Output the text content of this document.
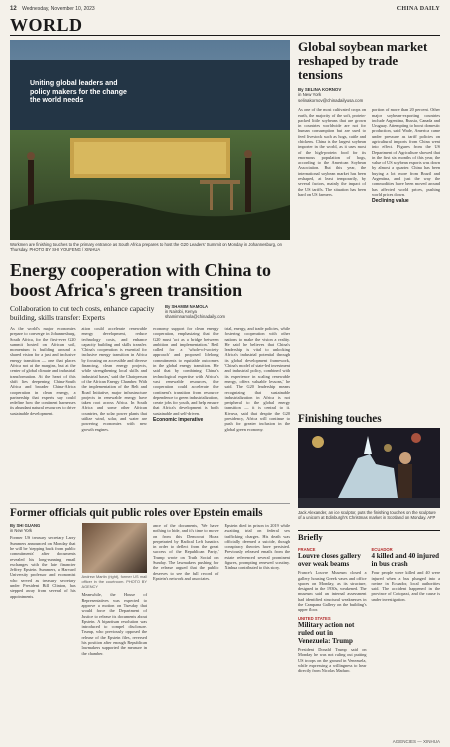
12 Wednesday, November 10, 2023	CHINA DAILY
WORLD
Uniting global leaders and policy makers for the change the world needs
Workmen are finishing touches to the primary entrance as South Africa prepares to host the G20 Leaders' Summit on Monday in Johannesburg, on Thursday. PHOTO BY SHI YOUFENG / XINHUA
Global soybean market reshaped by trade tensions
By SELINA KORNOV
in New York
selinakornov@chinadailyusa.com
As one of the most cultivated crops on earth, the majority of the soft, protein-packed little soybeans that are grown in countries worldwide are not for human consumption but are used to feed livestock such as hogs, cattle and chickens. China is the largest soybean importer in the world, as it uses most of the high-protein food for its enormous population of hogs, according to the American Soybean Association. But this year, the international soybean market has been reshaped, at least temporarily, by several factors, mainly the impact of the US tariffs. The situation has been hard on US farmers.
portion of more than 20 percent. Other major soybean-exporting countries include Argentina, Russia, Canada and Uruguay. Attempting to boost domestic production, said Wade, America came under pressure as tariff policies on agricultural imports from China went into effect. Figures from the US Department of Agriculture showed that in the first six months of this year, the value of US soybean exports was down by almost a quarter. China has been buying a lot more from Brazil and Argentina, and just the way the commodities have been moved around has affected world prices, pushing world prices down.
Declining value
Energy cooperation with China to boost Africa's green transition
Collaboration to cut tech costs, enhance capacity building, skills transfer: Experts
By SHAMIM NAMOLA
in Nairobi, Kenya
shamimnamola@chinadaily.com
As the world's major economies prepare to converge in Johannesburg, South Africa, for the first-ever G20 summit hosted on African soil, momentum is building around a shared vision for a just and inclusive energy transition — one that places Africa not at the margins, but at the center of global climate and industrial transformation. At the heart of this shift lies deepening China-South Africa and broader China-Africa cooperation in clean energy, a partnership that experts say could redefine how the continent harnesses its abundant natural resources to drive sustainable development.
ation could accelerate renewable energy development, reduce technology costs, and enhance capacity building and skills transfer. 'China's cooperation is essential for inclusive energy transition in Africa by focusing on accessible and diverse financing, clean energy projects, while strengthening local skills and industrial bases,' said the Chairperson of the African Energy Chamber. With the implementation of the Belt and Road Initiative, major infrastructure projects in renewable energy have taken root across Africa. In South Africa and some other African countries, the solar power plants that utilize wind, solar, and water are powering economies with new growth engines.
economy support for clean energy cooperation, emphasizing that the G20 must 'act as a bridge between ambition and implementation.' Beil called for a 'whole-of-society approach' and proposed lifelong commitments to equitable outcomes in the global energy transition. He said that by combining China's technological expertise with Africa's vast renewable resources, the cooperation could accelerate the continent's transition from resource dependence to green industrialization, create jobs for youth, and help ensure that Africa's development is both sustainable and self-driven.
Economic imperative
trial, energy, and trade policies, while fostering cooperation with other nations to make the vision a reality. He said he believes that China's leadership is vital to unlocking Africa's industrial potential through its global development framework, 'China's model of state-led investment and industrial policy, combined with its experience in scaling renewable energy, offers valuable lessons,' he said. The G20 leadership means recognizing that sustainable industrialization in Africa is not peripheral to the global energy transition — it is central to it. Kivuva, said that despite the G20 presidency, Africa will continue to push for greater inclusion in the global green economy.
Former officials quit public roles over Epstein emails
By SHI GUANG
in New York
Former US treasury secretary Larry Summers announced on Monday that he will be 'stepping back from public commitments' after documents revealed his long-running email exchanges with the late financier Jeffrey Epstein. Summers, a Harvard University professor and economist who served as treasury secretary under President Bill Clinton, has stepped away from several of his appointments.
Andrew Martin (right), former US mail officer in the courtroom. PHOTO BY AGENCY
Meanwhile, the House of Representatives was expected to approve a motion on Tuesday that would force the Department of Justice to release its documents about Epstein. A bipartisan resolution was introduced to compel disclosure. Trump, who previously opposed the release of the Epstein files, reversed his position after enough Republican lawmakers supported the measure in the chamber.
ance of the documents, 'We have nothing to hide, and it's time to move on from this Democrat Hoax perpetrated by Radical Left lunatics in order to deflect from the great success of the Republican Party,' Trump wrote on Truth Social on Sunday. The lawmakers pushing for the release argued that the public deserves to see the full record of Epstein's network and associates.
Epstein died in prison in 2019 while awaiting trial on federal sex trafficking charges. His death was officially deemed a suicide, though conspiracy theories have persisted. Previously released emails from the estate referenced several prominent figures, prompting renewed scrutiny. Xinhua contributed to this story.
Finishing touches
Jack Alexander, an ice sculptor, puts the finishing touches on the sculpture of a unicorn at Edinburgh's Christmas market in Scotland on Monday. AFP
Briefly
FRANCE
Louvre closes gallery over weak beams
France's Louvre Museum closed a gallery housing Greek vases and office spaces on Monday, as its structure, designed in the 1930s, weakened. The museum said an internal assessment had identified structural weaknesses in the Campana Gallery on the building's upper floor.
UNITED STATES
Military action not ruled out in Venezuela: Trump
President Donald Trump said on Monday he was not ruling out putting US troops on the ground in Venezuela, while expressing a willingness to hear directly from Nicolas Maduro.
ECUADOR
4 killed and 40 injured in bus crash
Four people were killed and 40 were injured when a bus plunged into a ravine in Ecuador, local authorities said. The accident happened in the province of Cotopaxi, and the cause is under investigation.
AGENCIES — XINHUA
